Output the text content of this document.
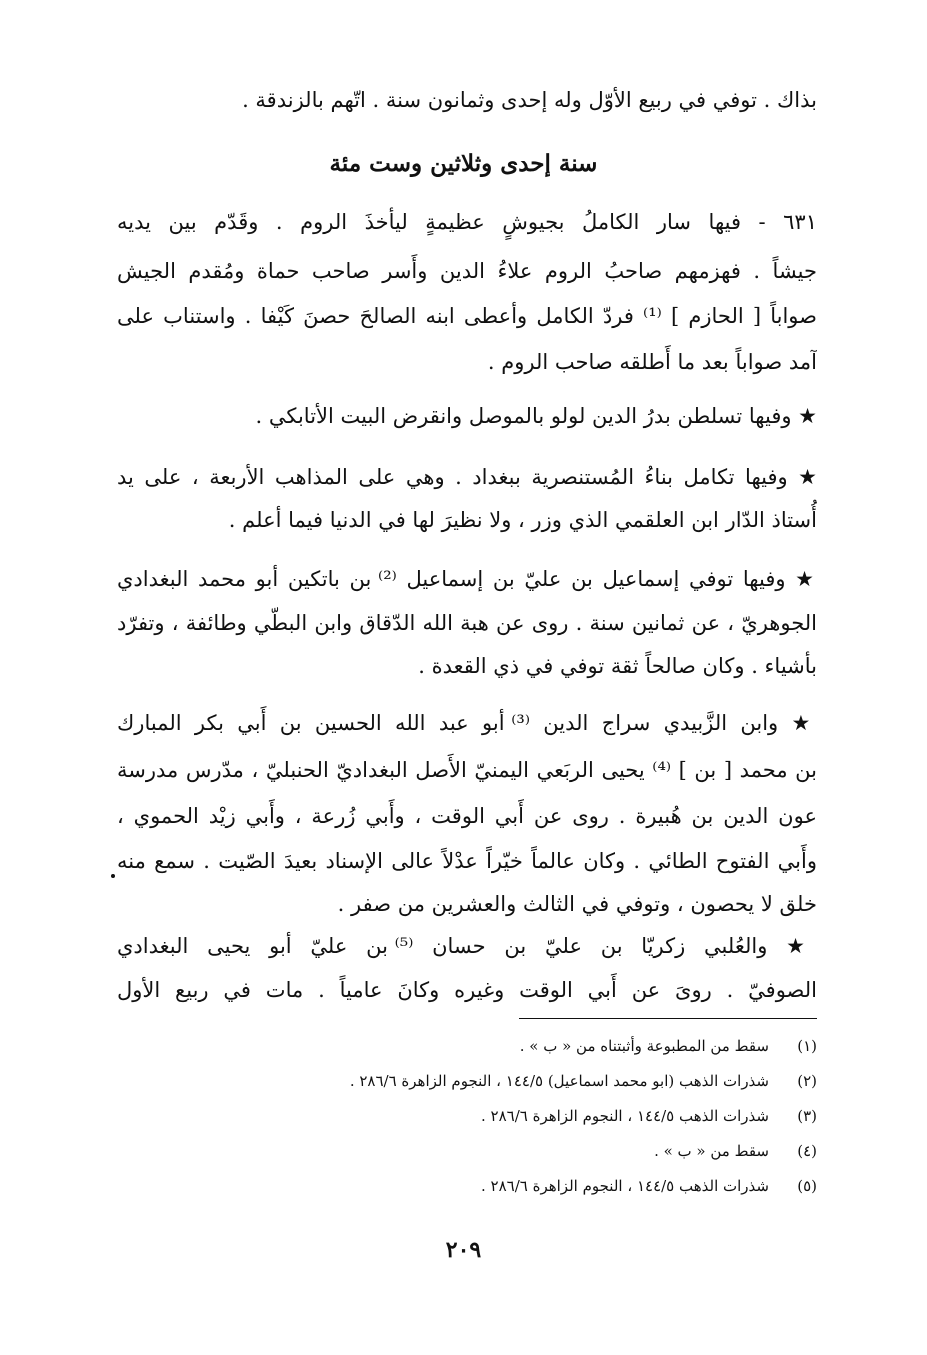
بذاك . توفي في ربيع الأوّل وله إحدى وثمانون سنة . اتّهم بالزندقة .
سنة إحدى وثلاثين وست مئة
٦٣١ - فيها سار الكاملُ بجيوشٍ عظيمةٍ ليأخذَ الروم . وقَدّم بين يديه
جيشاً . فهزمهم صاحبُ الروم علاءُ الدين وأَسر صاحب حماة ومُقدم الجيش
صواباً [ الحازم ] ⁽¹⁾ فردّ الكامل وأعطى ابنه الصالحَ حصنَ كَيْفا . واستناب على
آمد صواباً بعد ما أَطلقه صاحب الروم .
★ وفيها تسلطن بدرُ الدين لولو بالموصل وانقرض البيت الأتابكي .
★ وفيها تكامل بناءُ المُستنصرية ببغداد . وهي على المذاهب الأربعة ، على يد
أُستاذ الدّار ابن العلقمي الذي وزر ، ولا نظيرَ لها في الدنيا فيما أعلم .
★ وفيها توفي إسماعيل بن عليّ بن إسماعيل ⁽²⁾ بن باتكين أبو محمد البغدادي
الجوهريّ ، عن ثمانين سنة . روى عن هبة الله الدّقاق وابن البطّي وطائفة ، وتفرّد
بأشياء . وكان صالحاً ثقة توفي في ذي القعدة .
★ وابن الزَّبيدي سراج الدين ⁽³⁾ أبو عبد الله الحسين بن أَبي بكر المبارك
بن محمد [ بن ] ⁽⁴⁾ يحيى الربَعي اليمنيّ الأَصل البغداديّ الحنبليّ ، مدّرس مدرسة
عون الدين بن هُبيرة . روى عن أَبي الوقت ، وأَبي زُرعة ، وأَبي زيْد الحموي ،
وأَبي الفتوح الطائي . وكان عالماً خيّراً عدْلاً عالى الإسناد بعيدَ الصّيت . سمع منه
خلق لا يحصون ، وتوفي في الثالث والعشرين من صفر .
★ والعُلبي زكريّا بن عليّ بن حسان ⁽⁵⁾ بن عليّ أبو يحيى البغدادي
الصوفيّ . روىَ عن أَبي الوقت وغيره وكانَ عامياً . مات في ربيع الأول
(١)سقط من المطبوعة وأثبتناه من « ب » .
(٢)شذرات الذهب (ابو محمد اسماعيل) ١٤٤/٥ ، النجوم الزاهرة ٢٨٦/٦ .
(٣)شذرات الذهب ١٤٤/٥ ، النجوم الزاهرة ٢٨٦/٦ .
(٤)سقط من « ب » .
(٥)شذرات الذهب ١٤٤/٥ ، النجوم الزاهرة ٢٨٦/٦ .
٢٠٩
